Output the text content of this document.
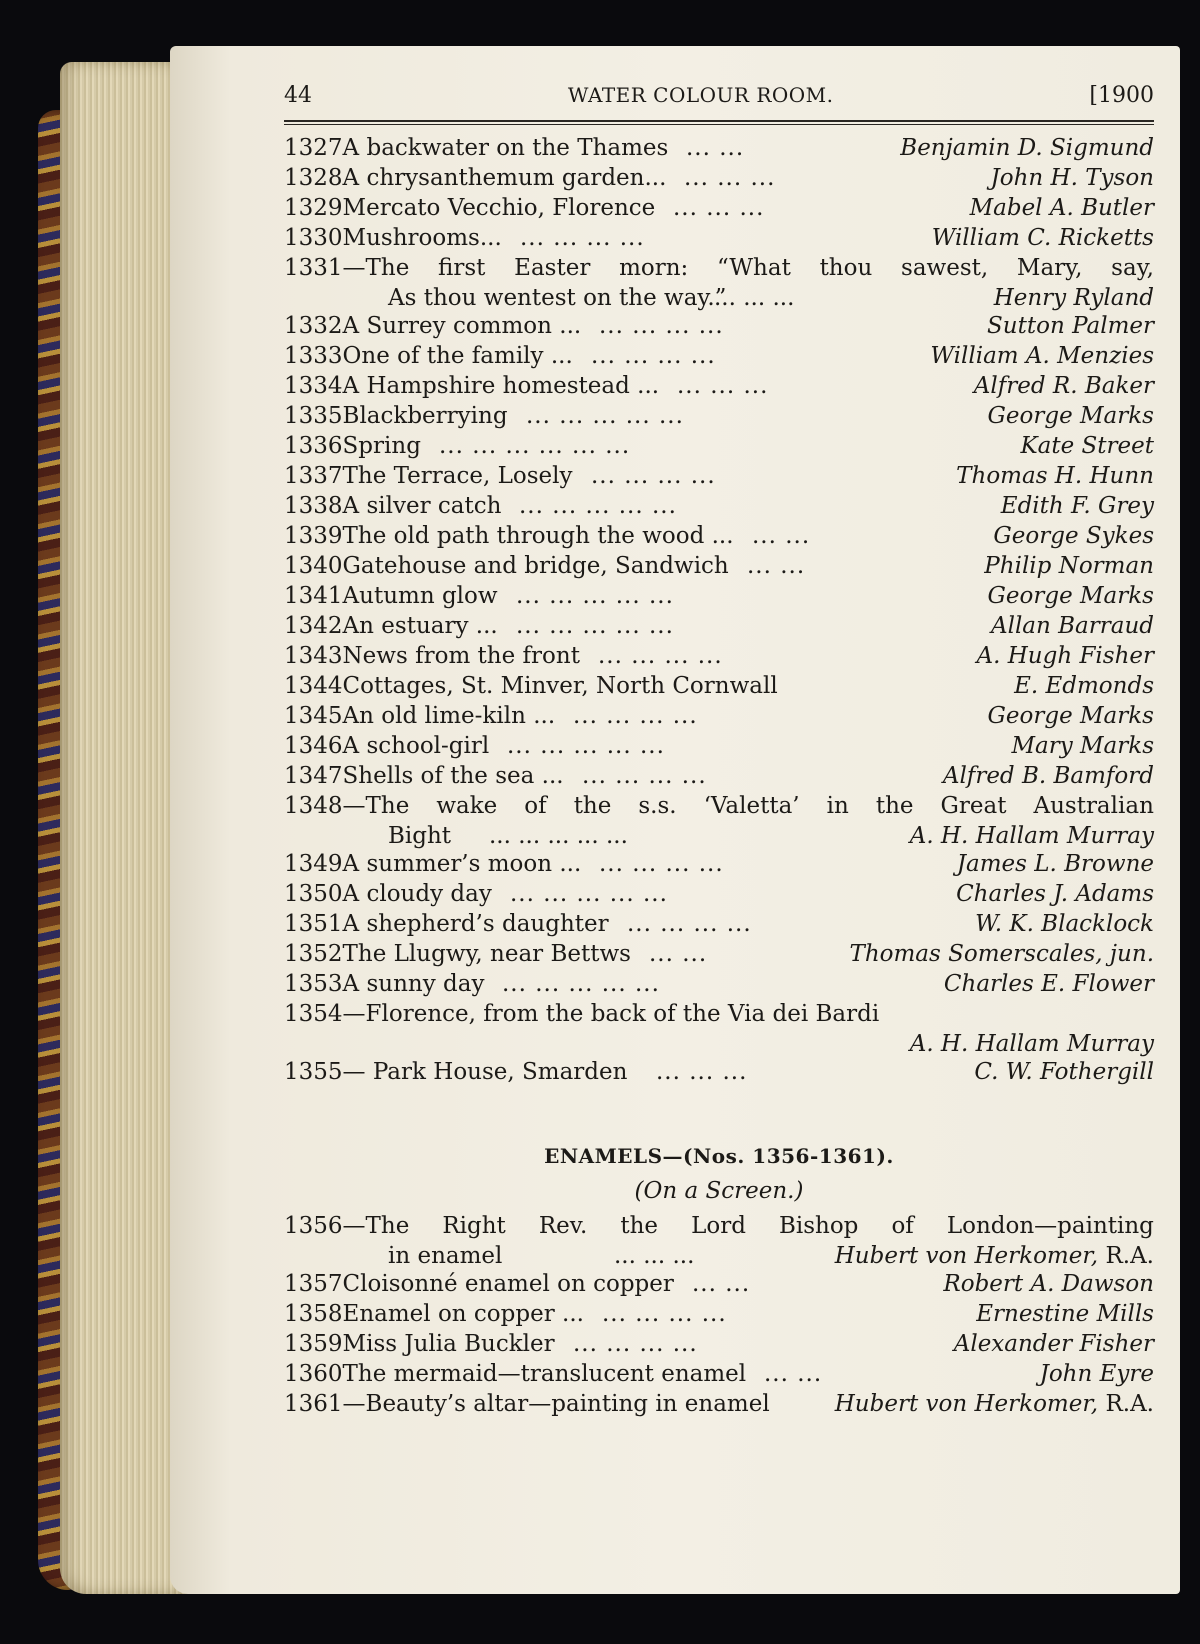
44	WATER COLOUR ROOM.	[1900
1327A backwater on the Thames ... ...	Benjamin D. Sigmund
1328A chrysanthemum garden... ... ... ...	John H. Tyson
1329Mercato Vecchio, Florence ... ... ...	Mabel A. Butler
1330Mushrooms... ... ... ... ...	William C. Ricketts
1331—The first Easter morn: “What thou sawest, Mary, say,
As thou wentest on the way.”
... ... ...	Henry Ryland
1332A Surrey common ... ... ... ... ...	Sutton Palmer
1333One of the family ... ... ... ... ...	William A. Menzies
1334A Hampshire homestead ... ... ... ...	Alfred R. Baker
1335Blackberrying ... ... ... ... ...	George Marks
1336Spring ... ... ... ... ... ...	Kate Street
1337The Terrace, Losely ... ... ... ...	Thomas H. Hunn
1338A silver catch ... ... ... ... ...	Edith F. Grey
1339The old path through the wood ... ... ...	George Sykes
1340Gatehouse and bridge, Sandwich ... ...	Philip Norman
1341Autumn glow ... ... ... ... ...	George Marks
1342An estuary ... ... ... ... ... ...	Allan Barraud
1343News from the front ... ... ... ...	A. Hugh Fisher
1344Cottages, St. Minver, North Cornwall	E. Edmonds
1345An old lime-kiln ... ... ... ... ...	George Marks
1346A school-girl ... ... ... ... ...	Mary Marks
1347Shells of the sea ... ... ... ... ...	Alfred B. Bamford
1348—The wake of the s.s. ‘Valetta’ in the Great Australian
Bight ... ... ... ... ...	A. H. Hallam Murray
1349A summer’s moon ... ... ... ... ...	James L. Browne
1350A cloudy day ... ... ... ... ...	Charles J. Adams
1351A shepherd’s daughter ... ... ... ...	W. K. Blacklock
1352The Llugwy, near Bettws ... ...	Thomas Somerscales, jun.
1353A sunny day ... ... ... ... ...	Charles E. Flower
1354—Florence, from the back of the Via dei Bardi
A. H. Hallam Murray
1355— Park House, Smarden ... ... ...	C. W. Fothergill
ENAMELS—(Nos. 1356-1361).
(On a Screen.)
1356—The Right Rev. the Lord Bishop of London—painting
in enamel	... ... ...	Hubert von Herkomer, R.A.
1357Cloisonné enamel on copper ... ...	Robert A. Dawson
1358Enamel on copper ... ... ... ... ...	Ernestine Mills
1359Miss Julia Buckler ... ... ... ...	Alexander Fisher
1360The mermaid—translucent enamel ... ...	John Eyre
1361—Beauty’s altar—painting in enamel	Hubert von Herkomer, R.A.
